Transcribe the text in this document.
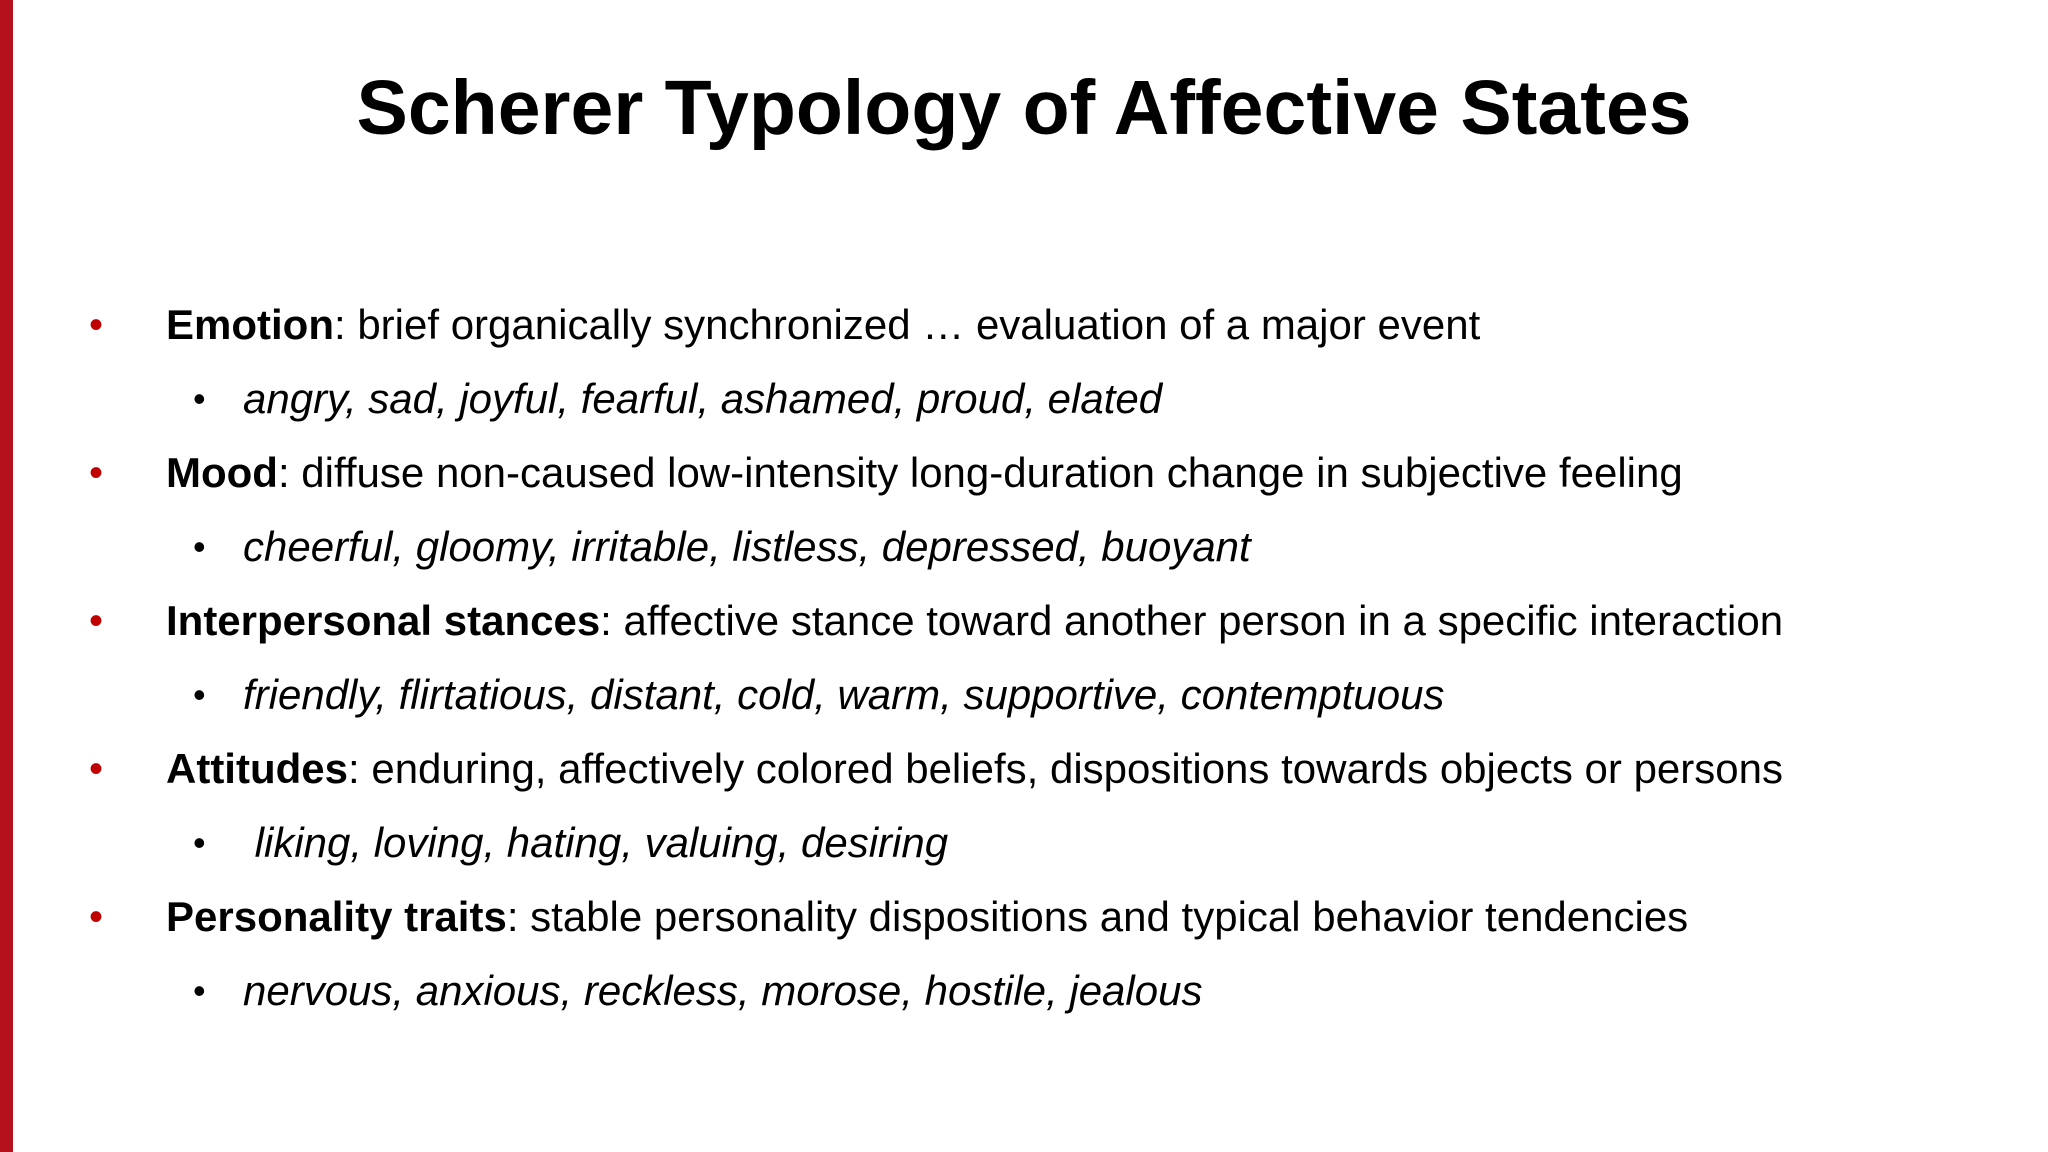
Scherer Typology of Affective States
• Emotion: brief organically synchronized … evaluation of a major event
• angry, sad, joyful, fearful, ashamed, proud, elated
• Mood: diffuse non-caused low-intensity long-duration change in subjective feeling
• cheerful, gloomy, irritable, listless, depressed, buoyant
• Interpersonal stances: affective stance toward another person in a specific interaction
• friendly, flirtatious, distant, cold, warm, supportive, contemptuous
• Attitudes: enduring, affectively colored beliefs, dispositions towards objects or persons
• liking, loving, hating, valuing, desiring
• Personality traits: stable personality dispositions and typical behavior tendencies
• nervous, anxious, reckless, morose, hostile, jealous
